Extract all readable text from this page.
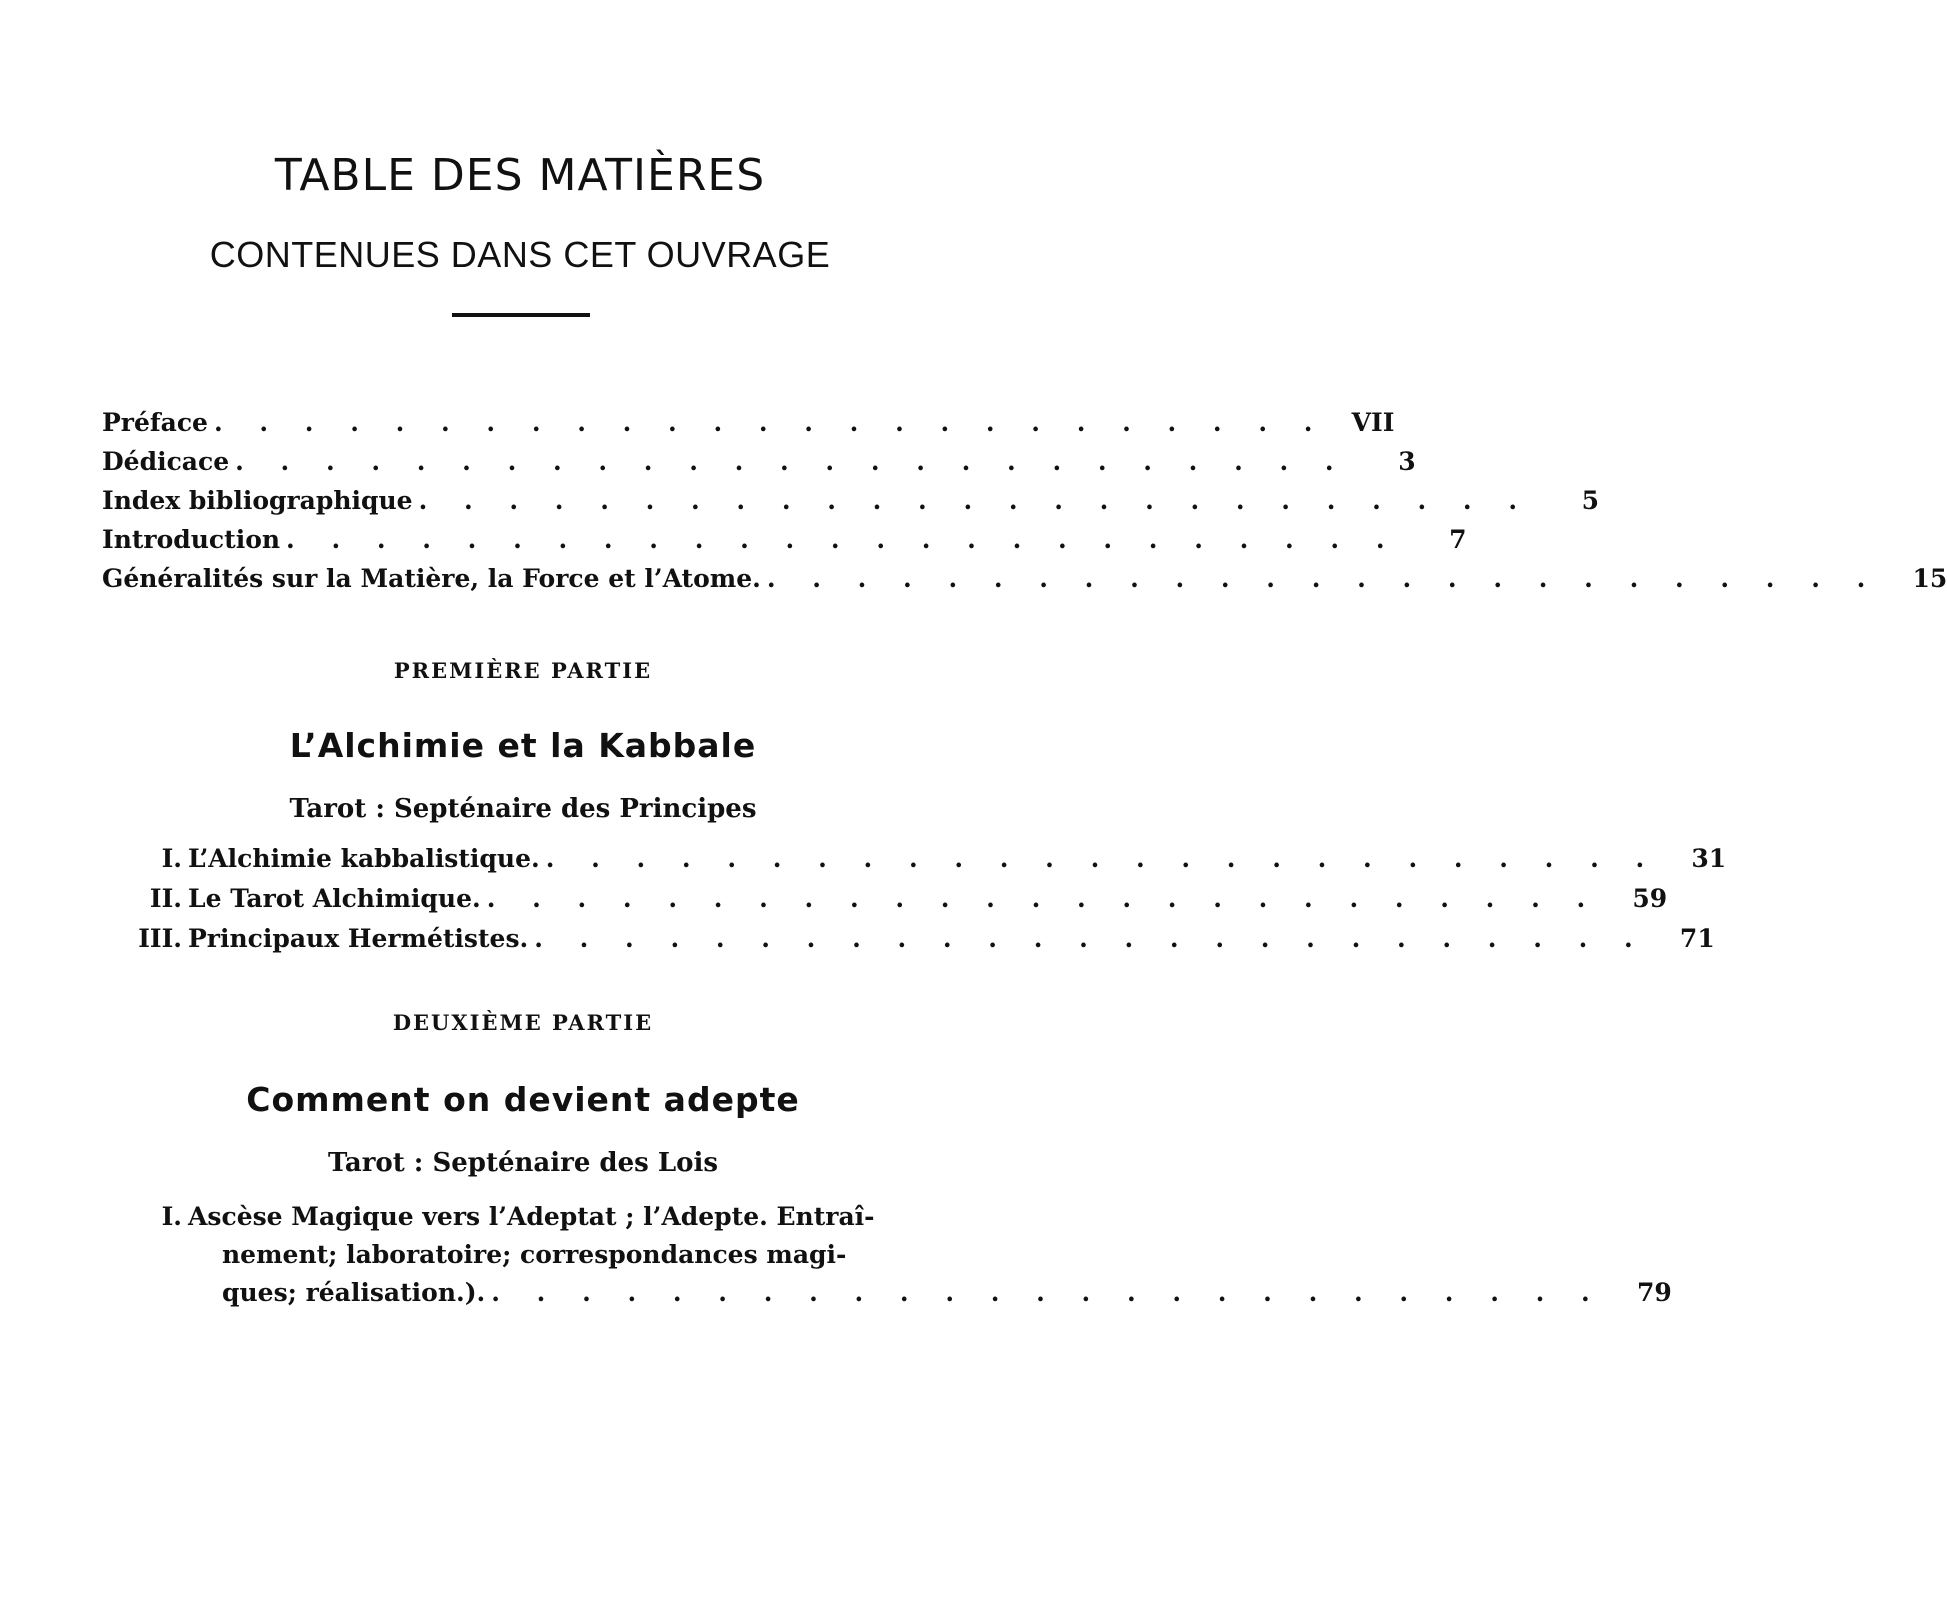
TABLE DES MATIÈRES
CONTENUES DANS CET OUVRAGE
Préface . . . . . . . . . . . . . . . . . . . . . . . . . VII
Dédicace . . . . . . . . . . . . . . . . . . . . . . . . .	3
Index bibliographique . . . . . . . . . . . . . . . . . . . . . . . . .	5
Introduction . . . . . . . . . . . . . . . . . . . . . . . . .	7
Généralités sur la Matière, la Force et l’Atome. . . . . . . . . . . . . . . . . . . . . . . . . .	15
PREMIÈRE PARTIE
L’Alchimie et la Kabbale
Tarot : Septénaire des Principes
I. L’Alchimie kabbalistique. . . . . . . . . . . . . . . . . . . . . . . . . .	31
II. Le Tarot Alchimique. . . . . . . . . . . . . . . . . . . . . . . . . .	59
III. Principaux Hermétistes. . . . . . . . . . . . . . . . . . . . . . . . . .	71
DEUXIÈME PARTIE
Comment on devient adepte
Tarot : Septénaire des Lois
I. Ascèse Magique vers l’Adeptat ; l’Adepte. Entraî-
nement; laboratoire; correspondances magi-
ques; réalisation.). . . . . . . . . . . . . . . . . . . . . . . . . .	79
